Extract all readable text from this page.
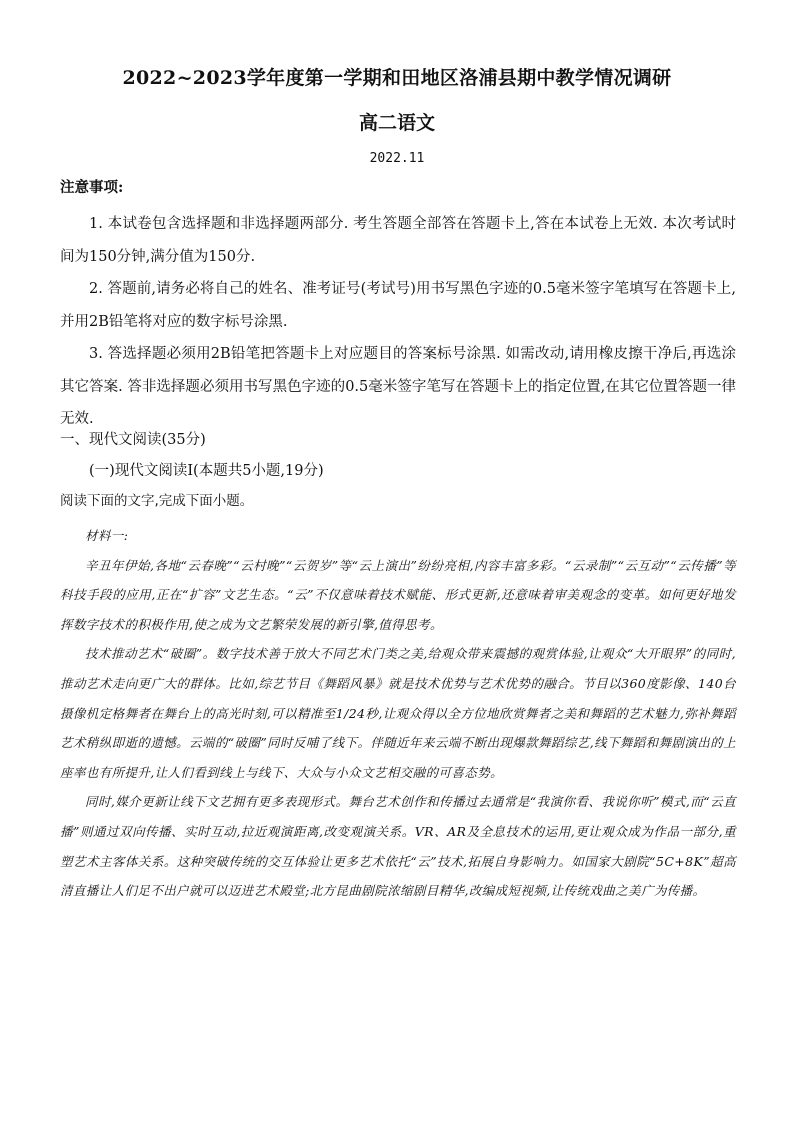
2022~2023学年度第一学期和田地区洛浦县期中教学情况调研
高二语文
2022.11
注意事项:

1. 本试卷包含选择题和非选择题两部分. 考生答题全部答在答题卡上,答在本试卷上无效. 本次考试时间为150分钟,满分值为150分.

2. 答题前,请务必将自己的姓名、准考证号(考试号)用书写黑色字迹的0.5毫米签字笔填写在答题卡上,并用2B铅笔将对应的数字标号涂黑.

3. 答选择题必须用2B铅笔把答题卡上对应题目的答案标号涂黑. 如需改动,请用橡皮擦干净后,再选涂其它答案. 答非选择题必须用书写黑色字迹的0.5毫米签字笔写在答题卡上的指定位置,在其它位置答题一律无效.

一、现代文阅读(35分)
(一)现代文阅读Ⅰ(本题共5小题,19分)
阅读下面的文字,完成下面小题。

材料一:

辛丑年伊始,各地“云春晚”“云村晚”“云贺岁”等“云上演出”纷纷亮相,内容丰富多彩。“云录制”“云互动”“云传播”等科技手段的应用,正在“扩容”文艺生态。“云”不仅意味着技术赋能、形式更新,还意味着审美观念的变革。如何更好地发挥数字技术的积极作用,使之成为文艺繁荣发展的新引擎,值得思考。

技术推动艺术“破圈”。数字技术善于放大不同艺术门类之美,给观众带来震撼的观赏体验,让观众“大开眼界”的同时,推动艺术走向更广大的群体。比如,综艺节目《舞蹈风暴》就是技术优势与艺术优势的融合。节目以360度影像、140台摄像机定格舞者在舞台上的高光时刻,可以精准至1/24秒,让观众得以全方位地欣赏舞者之美和舞蹈的艺术魅力,弥补舞蹈艺术稍纵即逝的遗憾。云端的“破圈”同时反哺了线下。伴随近年来云端不断出现爆款舞蹈综艺,线下舞蹈和舞剧演出的上座率也有所提升,让人们看到线上与线下、大众与小众文艺相交融的可喜态势。

同时,媒介更新让线下文艺拥有更多表现形式。舞台艺术创作和传播过去通常是“我演你看、我说你听”模式,而“云直播”则通过双向传播、实时互动,拉近观演距离,改变观演关系。VR、AR及全息技术的运用,更让观众成为作品一部分,重塑艺术主客体关系。这种突破传统的交互体验让更多艺术依托“云”技术,拓展自身影响力。如国家大剧院“5C+8K”超高清直播让人们足不出户就可以迈进艺术殿堂;北方昆曲剧院浓缩剧目精华,改编成短视频,让传统戏曲之美广为传播。
